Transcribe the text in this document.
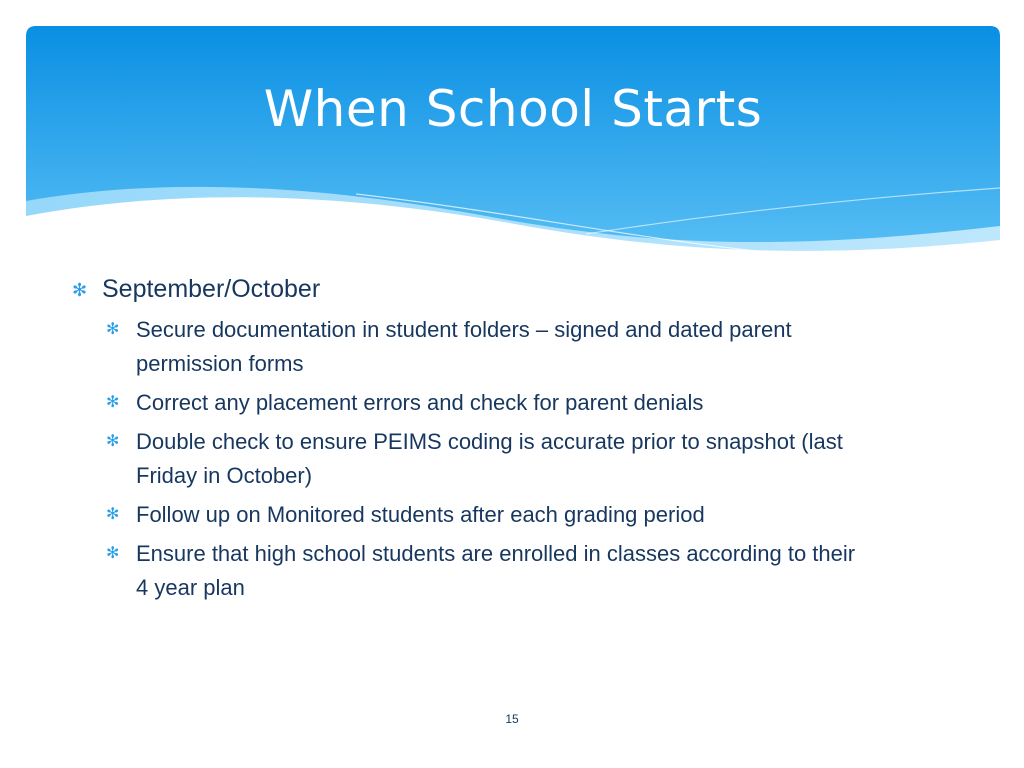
When School Starts
✻ September/October
✻ Secure documentation in student folders – signed and dated parent permission forms
✻ Correct any placement errors and check for parent denials
✻ Double check to ensure PEIMS coding is accurate prior to snapshot (last Friday in October)
✻ Follow up on Monitored students after each grading period
✻ Ensure that high school students are enrolled in classes according to their 4 year plan
15
